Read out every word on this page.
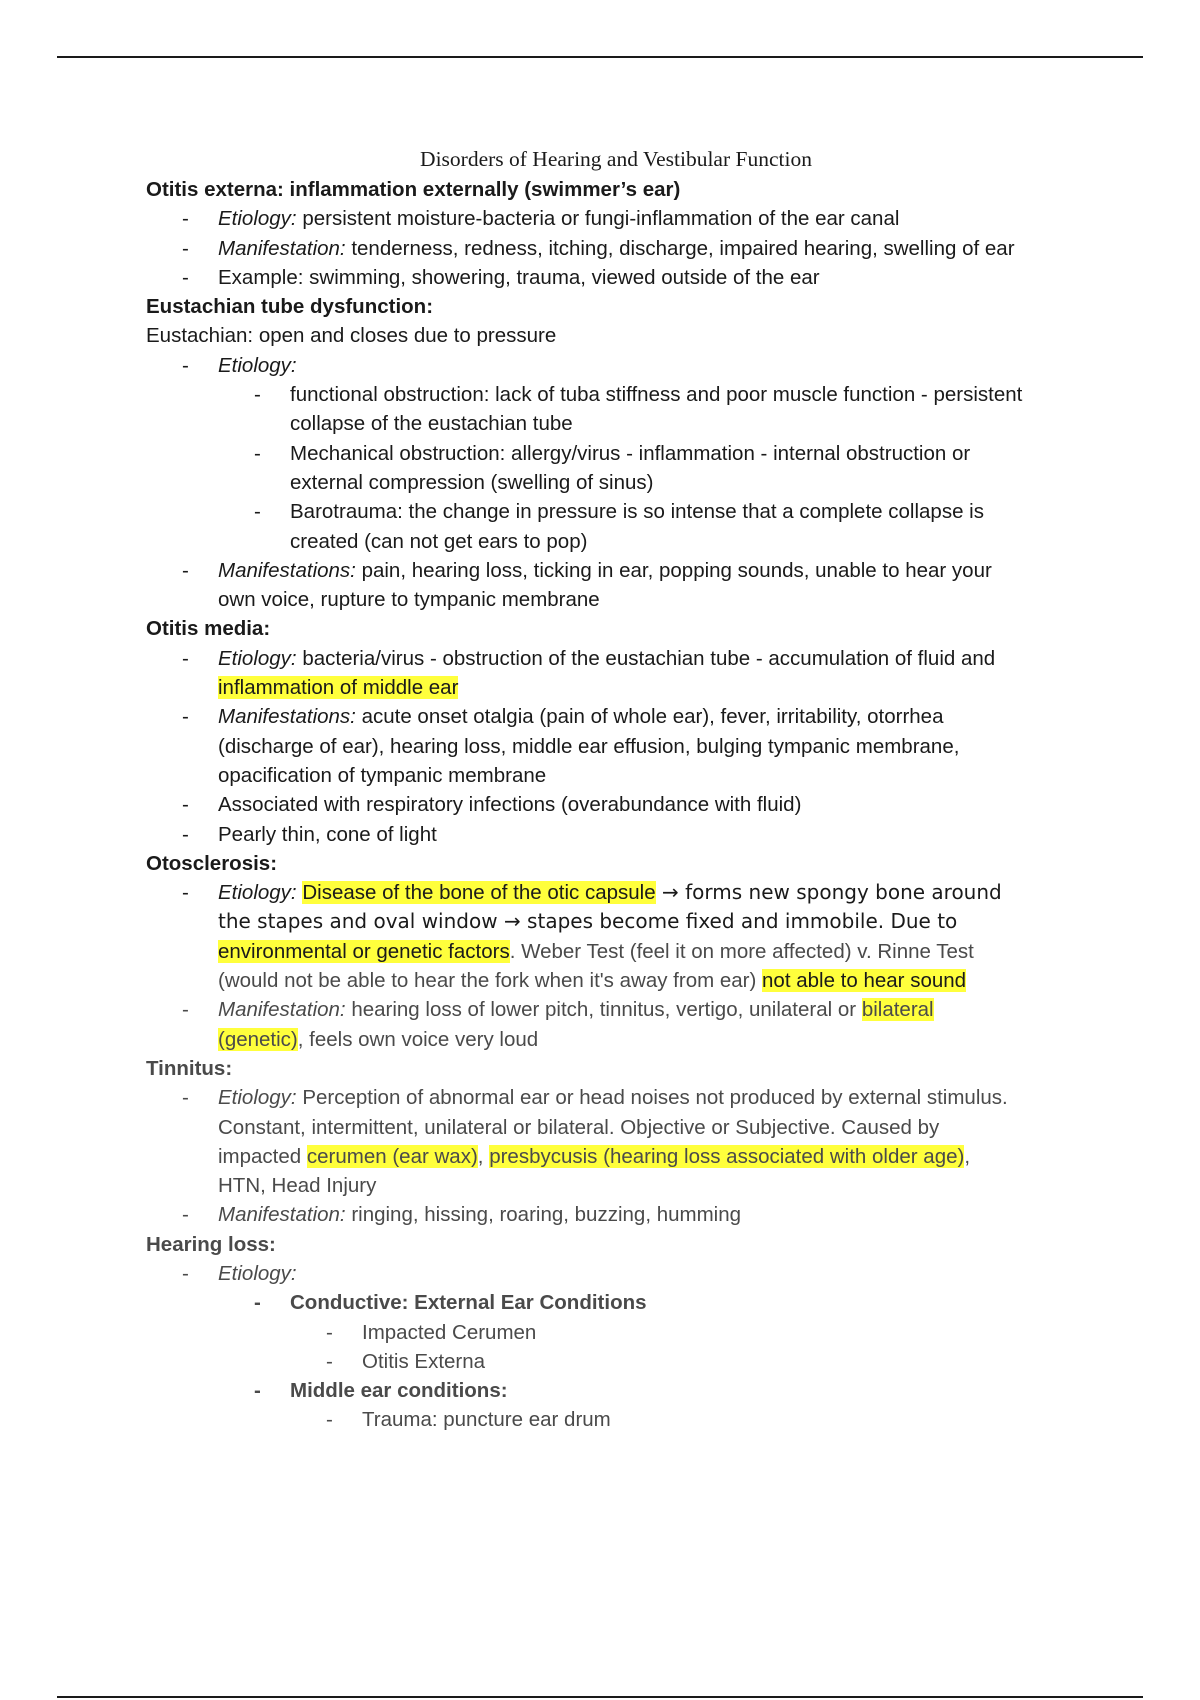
Disorders of Hearing and Vestibular Function
Otitis externa: inflammation externally (swimmer’s ear)
- Etiology: persistent moisture-bacteria or fungi-inflammation of the ear canal
- Manifestation: tenderness, redness, itching, discharge, impaired hearing, swelling of ear
- Example: swimming, showering, trauma, viewed outside of the ear
Eustachian tube dysfunction:
Eustachian: open and closes due to pressure
- Etiology:
- functional obstruction: lack of tuba stiffness and poor muscle function - persistent
collapse of the eustachian tube
- Mechanical obstruction: allergy/virus - inflammation - internal obstruction or
external compression (swelling of sinus)
- Barotrauma: the change in pressure is so intense that a complete collapse is
created (can not get ears to pop)
- Manifestations: pain, hearing loss, ticking in ear, popping sounds, unable to hear your
own voice, rupture to tympanic membrane
Otitis media:
- Etiology: bacteria/virus - obstruction of the eustachian tube - accumulation of fluid and
inflammation of middle ear
- Manifestations: acute onset otalgia (pain of whole ear), fever, irritability, otorrhea
(discharge of ear), hearing loss, middle ear effusion, bulging tympanic membrane,
opacification of tympanic membrane
- Associated with respiratory infections (overabundance with fluid)
- Pearly thin, cone of light
Otosclerosis:
- Etiology: Disease of the bone of the otic capsule → forms new spongy bone around
the stapes and oval window → stapes become fixed and immobile. Due to
environmental or genetic factors. Weber Test (feel it on more affected) v. Rinne Test
(would not be able to hear the fork when it's away from ear) not able to hear sound
- Manifestation: hearing loss of lower pitch, tinnitus, vertigo, unilateral or bilateral
(genetic), feels own voice very loud
Tinnitus:
- Etiology: Perception of abnormal ear or head noises not produced by external stimulus.
Constant, intermittent, unilateral or bilateral. Objective or Subjective. Caused by
impacted cerumen (ear wax), presbycusis (hearing loss associated with older age),
HTN, Head Injury
- Manifestation: ringing, hissing, roaring, buzzing, humming
Hearing loss:
- Etiology:
- Conductive: External Ear Conditions
- Impacted Cerumen
- Otitis Externa
- Middle ear conditions:
- Trauma: puncture ear drum
